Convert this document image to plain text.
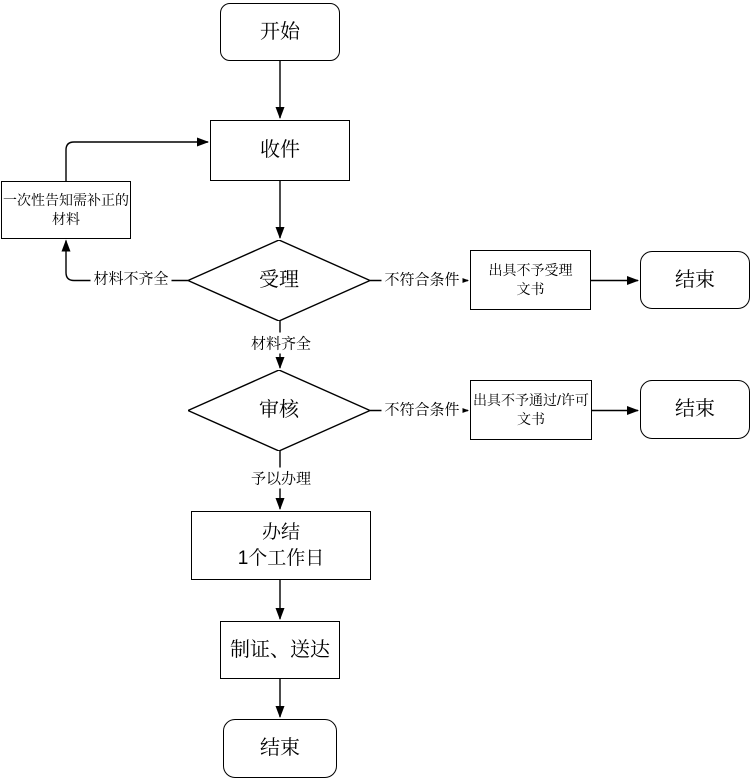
开始
收件
一次性告知需补正的
材料
受理	出具不予受理
文书	结束
审核	出具不予通过/许可
文书	结束
办结
1个工作日
制证、送达
结束
材料不齐全	不符合条件
材料齐全
不符合条件
予以办理
